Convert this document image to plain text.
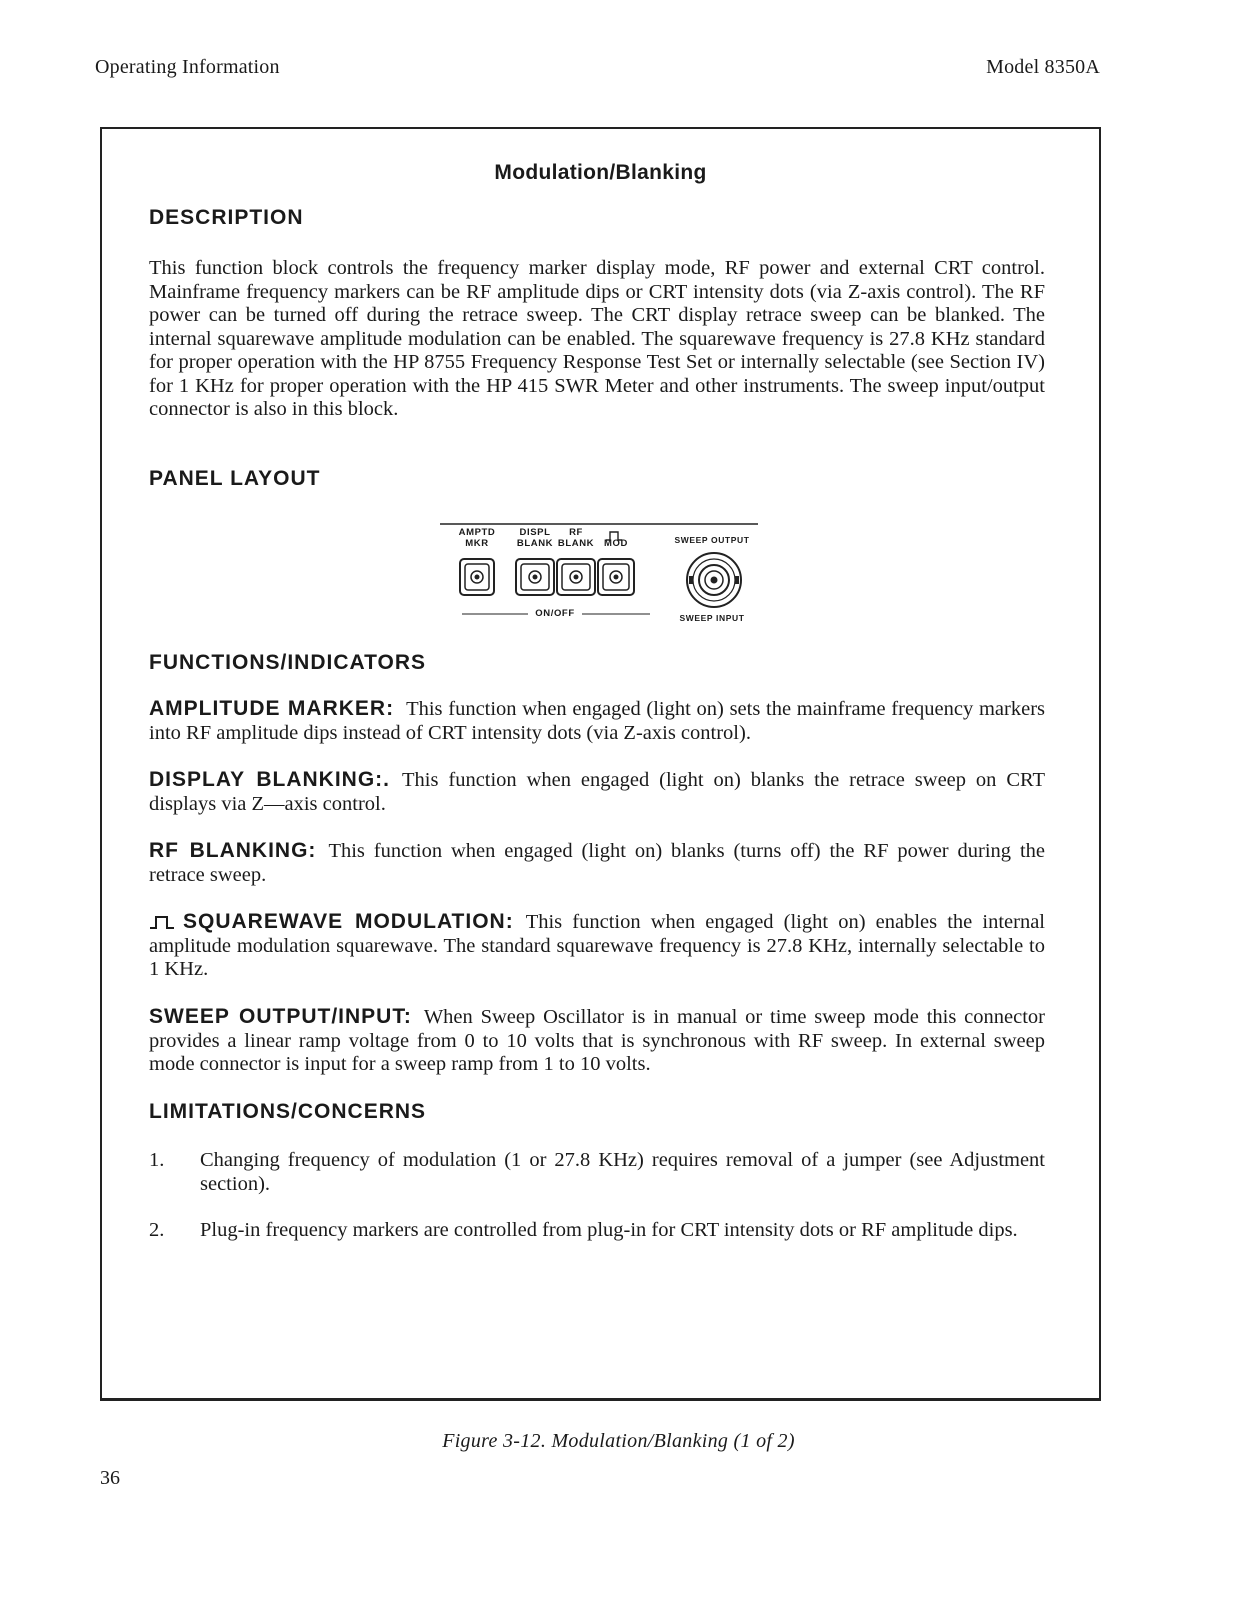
Operating Information	Model 8350A
Modulation/Blanking
DESCRIPTION
This function block controls the frequency marker display mode, RF power and external CRT control. Mainframe frequency markers can be RF amplitude dips or CRT intensity dots (via Z-axis control). The RF power can be turned off during the retrace sweep. The CRT display retrace sweep can be blanked. The internal squarewave amplitude modulation can be enabled. The squarewave frequency is 27.8 KHz standard for proper operation with the HP 8755 Frequency Response Test Set or internally selectable (see Section IV) for 1 KHz for proper operation with the HP 415 SWR Meter and other instruments. The sweep input/output connector is also in this block.
PANEL LAYOUT
AMPTD
MKR
DISPL
BLANK
RF
BLANK	MOD
ON/OFF
SWEEP OUTPUT
SWEEP INPUT
FUNCTIONS/INDICATORS
AMPLITUDE MARKER: This function when engaged (light on) sets the mainframe frequency markers into RF amplitude dips instead of CRT intensity dots (via Z-axis control).
DISPLAY BLANKING:. This function when engaged (light on) blanks the retrace sweep on CRT displays via Z—axis control.
RF BLANKING: This function when engaged (light on) blanks (turns off) the RF power during the retrace sweep.
SQUAREWAVE MODULATION: This function when engaged (light on) enables the internal amplitude modulation squarewave. The standard squarewave frequency is 27.8 KHz, internally selectable to 1 KHz.
SWEEP OUTPUT/INPUT: When Sweep Oscillator is in manual or time sweep mode this connector provides a linear ramp voltage from 0 to 10 volts that is synchronous with RF sweep. In external sweep mode connector is input for a sweep ramp from 1 to 10 volts.
LIMITATIONS/CONCERNS
1. Changing frequency of modulation (1 or 27.8 KHz) requires removal of a jumper (see Adjustment section).
2. Plug-in frequency markers are controlled from plug-in for CRT intensity dots or RF amplitude dips.
Figure 3-12. Modulation/Blanking (1 of 2)
36
